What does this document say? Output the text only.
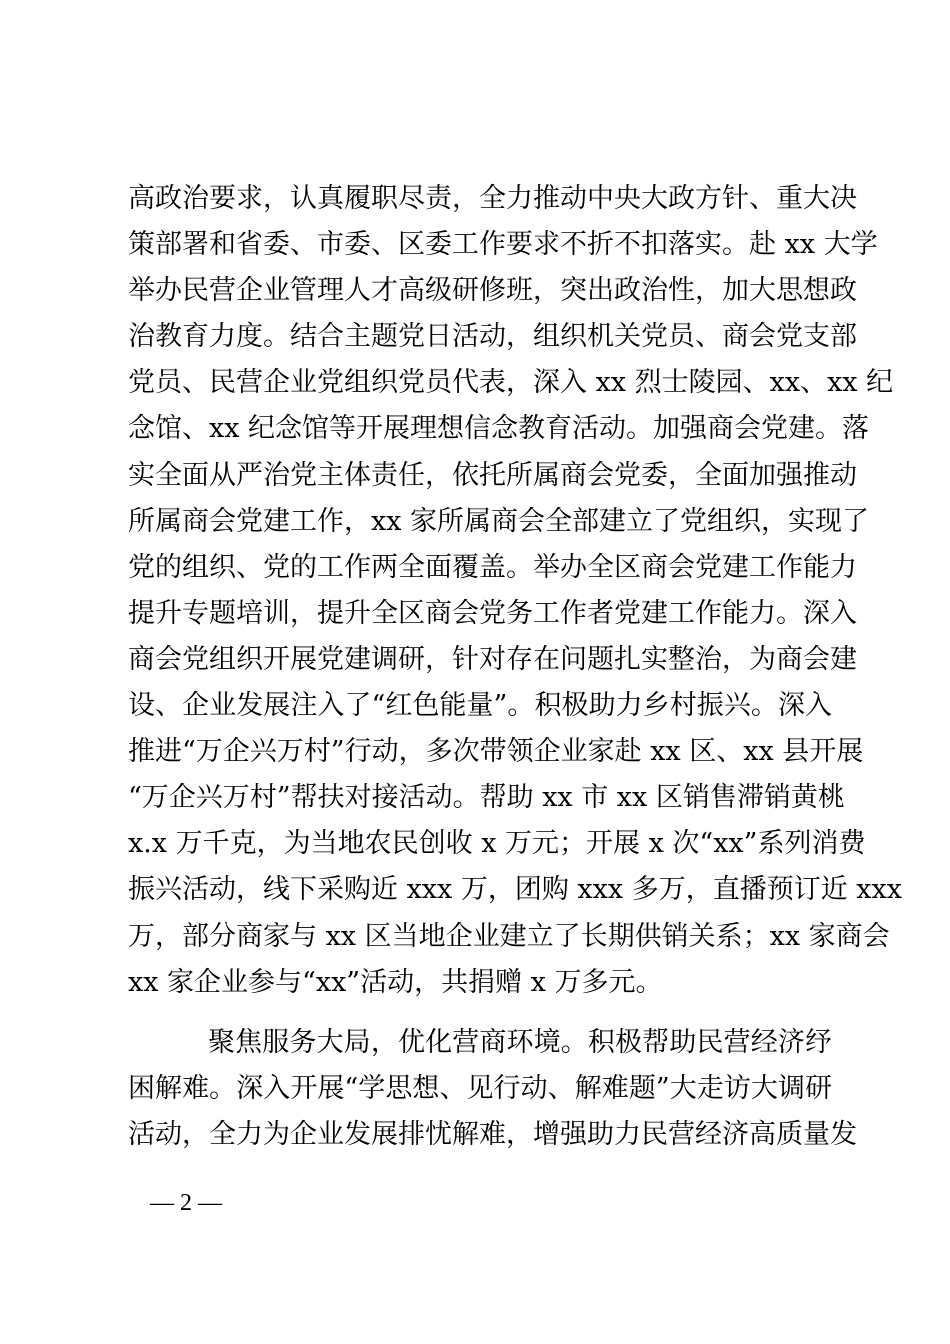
高政治要求，认真履职尽责，全力推动中央大政方针、重大决
策部署和省委、市委、区委工作要求不折不扣落实。赴 xx 大学
举办民营企业管理人才高级研修班，突出政治性，加大思想政
治教育力度。结合主题党日活动，组织机关党员、商会党支部
党员、民营企业党组织党员代表，深入 xx 烈士陵园、xx、xx 纪
念馆、xx 纪念馆等开展理想信念教育活动。加强商会党建。落
实全面从严治党主体责任，依托所属商会党委，全面加强推动
所属商会党建工作，xx 家所属商会全部建立了党组织，实现了
党的组织、党的工作两全面覆盖。举办全区商会党建工作能力
提升专题培训，提升全区商会党务工作者党建工作能力。深入
商会党组织开展党建调研，针对存在问题扎实整治，为商会建
设、企业发展注入了“红色能量”。积极助力乡村振兴。深入
推进“万企兴万村”行动，多次带领企业家赴 xx 区、xx 县开展
“万企兴万村”帮扶对接活动。帮助 xx 市 xx 区销售滞销黄桃
x.x 万千克，为当地农民创收 x 万元；开展 x 次“xx”系列消费
振兴活动，线下采购近 xxx 万，团购 xxx 多万，直播预订近 xxx
万，部分商家与 xx 区当地企业建立了长期供销关系；xx 家商会
xx 家企业参与“xx”活动，共捐赠 x 万多元。
聚焦服务大局，优化营商环境。积极帮助民营经济纾
困解难。深入开展“学思想、见行动、解难题”大走访大调研
活动，全力为企业发展排忧解难，增强助力民营经济高质量发
— 2 —
